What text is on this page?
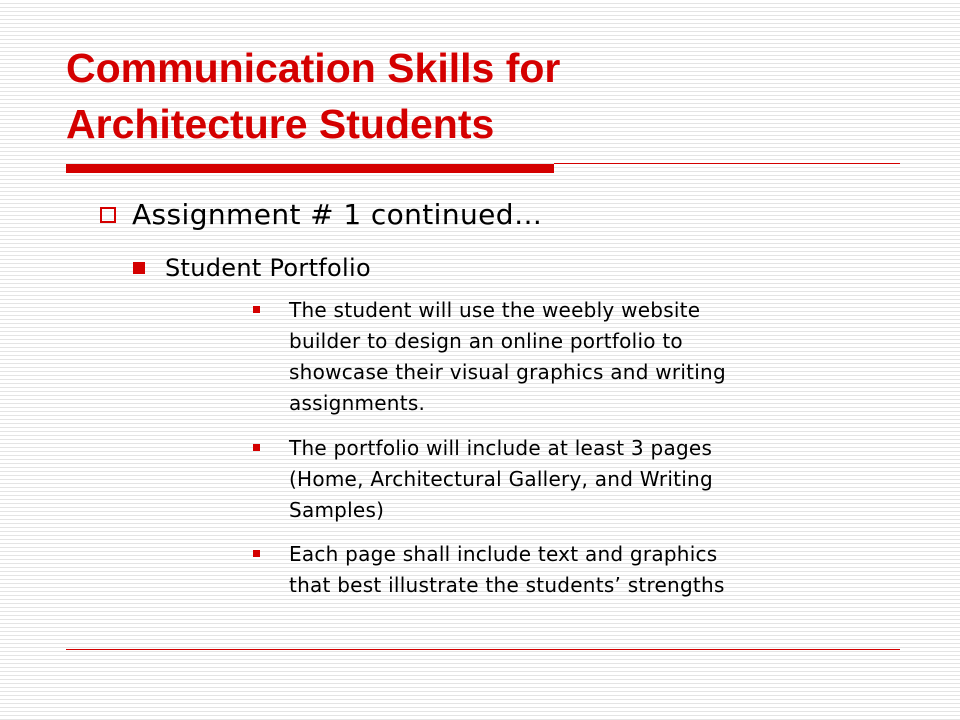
Communication Skills for
Architecture Students
Assignment # 1 continued…
Student Portfolio
The student will use the weebly website
builder to design an online portfolio to
showcase their visual graphics and writing
assignments.
The portfolio will include at least 3 pages
(Home, Architectural Gallery, and Writing
Samples)
Each page shall include text and graphics
that best illustrate the students’ strengths
